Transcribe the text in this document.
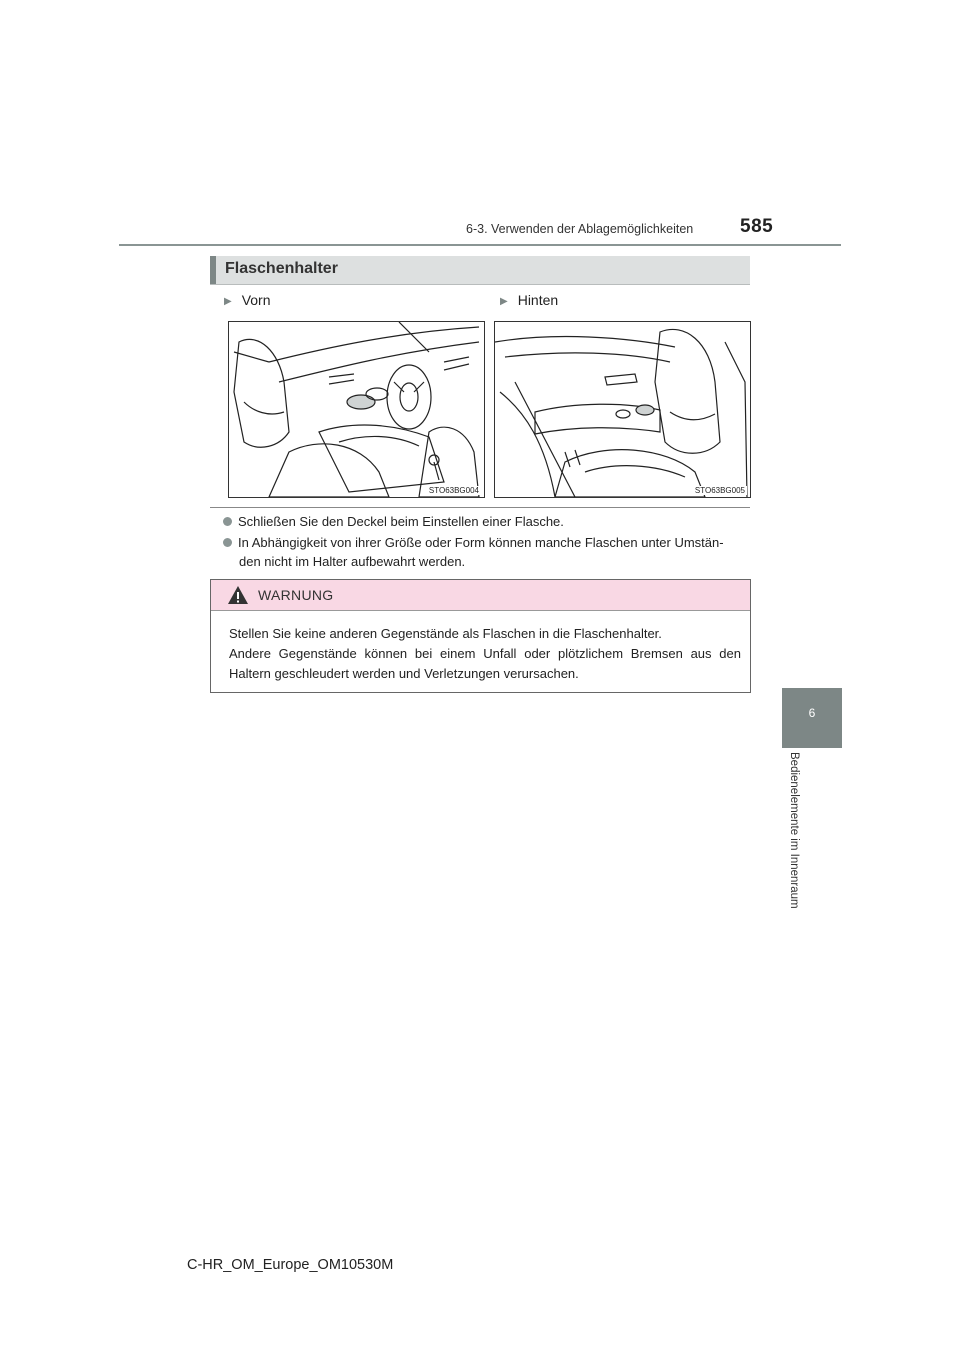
6-3. Verwenden der Ablagemöglichkeiten 585
Flaschenhalter
▶ Vorn	▶ Hinten
STO63BG004	STO63BG005
Schließen Sie den Deckel beim Einstellen einer Flasche.
In Abhängigkeit von ihrer Größe oder Form können manche Flaschen unter Umstän-
den nicht im Halter aufbewahrt werden.
WARNUNG
Stellen Sie keine anderen Gegenstände als Flaschen in die Flaschenhalter.
Andere Gegenstände können bei einem Unfall oder plötzlichem Bremsen aus den Haltern geschleudert werden und Verletzungen verursachen.
6
Bedienelemente im Innenraum
C-HR_OM_Europe_OM10530M
